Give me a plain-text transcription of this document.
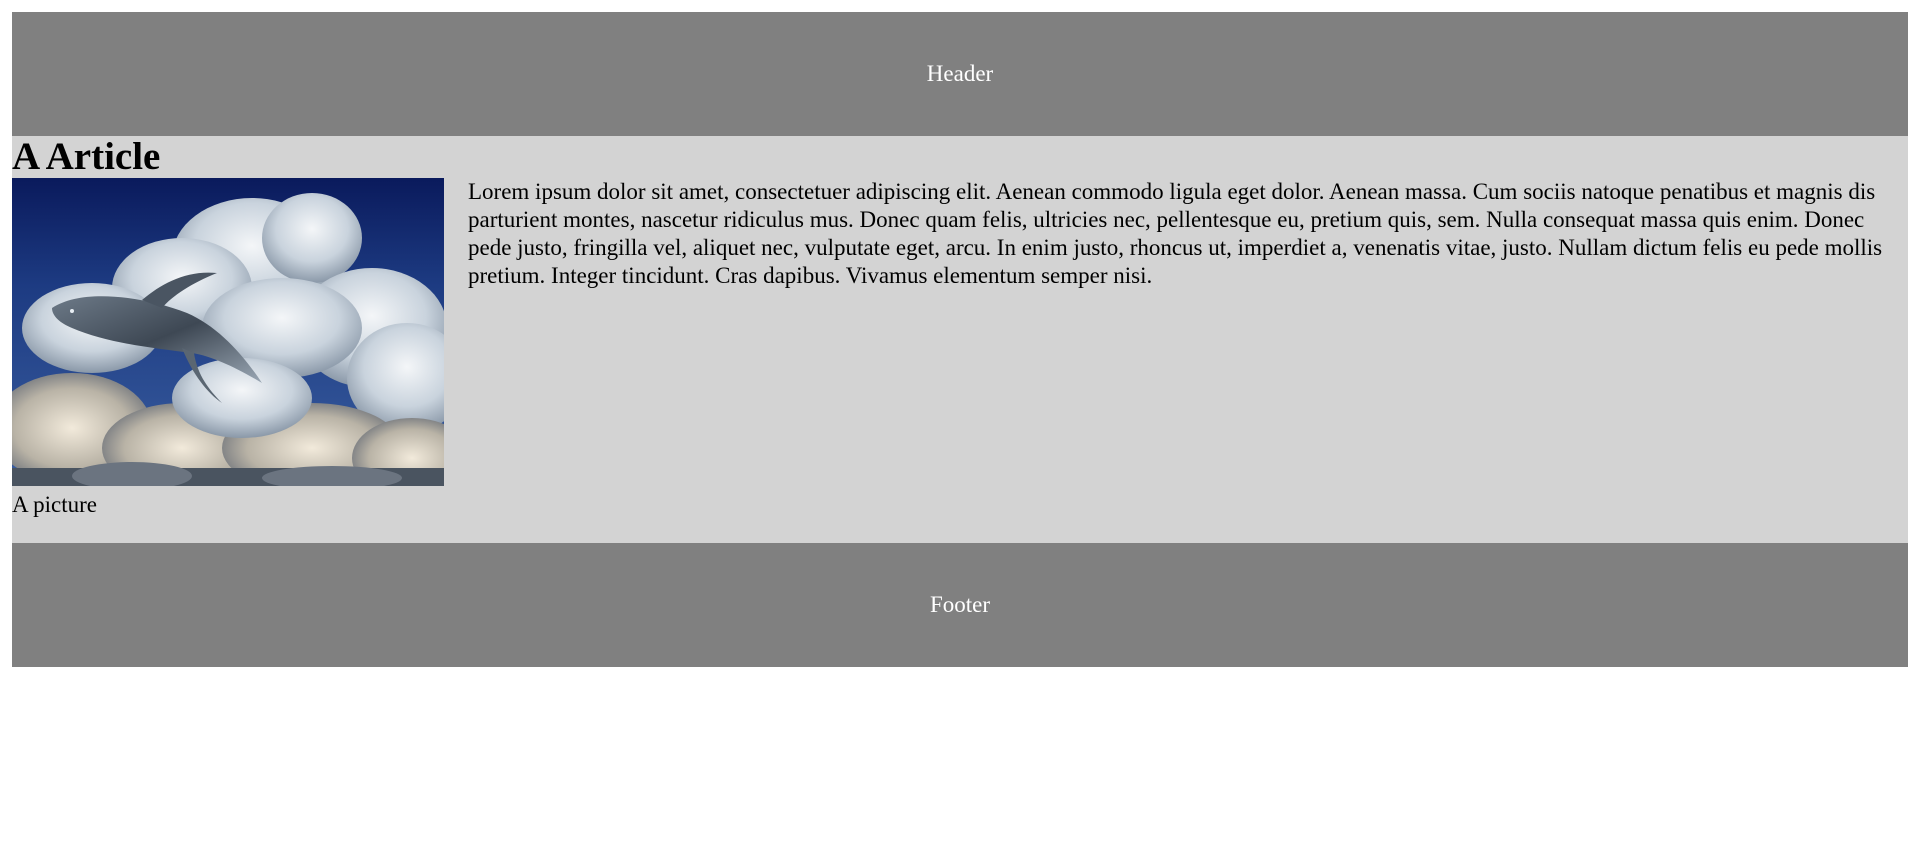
Header
A Article
A picture

Lorem ipsum dolor sit amet, consectetuer adipiscing elit. Aenean commodo ligula eget dolor. Aenean massa. Cum sociis natoque penatibus et magnis dis parturient montes, nascetur ridiculus mus. Donec quam felis, ultricies nec, pellentesque eu, pretium quis, sem. Nulla consequat massa quis enim. Donec pede justo, fringilla vel, aliquet nec, vulputate eget, arcu. In enim justo, rhoncus ut, imperdiet a, venenatis vitae, justo. Nullam dictum felis eu pede mollis pretium. Integer tincidunt. Cras dapibus. Vivamus elementum semper nisi.

Footer
